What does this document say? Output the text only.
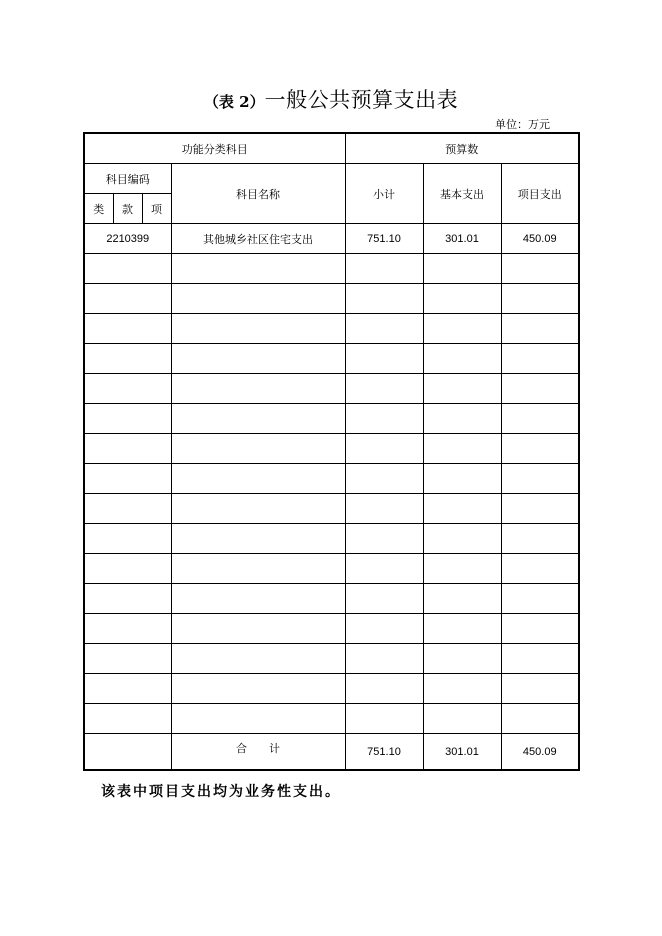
（表 2）一般公共预算支出表
单位：万元
功能分类科目				预算数		
科目编码			科目名称	小计	基本支出	项目支出
类	款	项				
2210399			其他城乡社区住宅支出	751.10	301.01	450.09

			合　　计	751.10	301.01	450.09
该表中项目支出均为业务性支出。
